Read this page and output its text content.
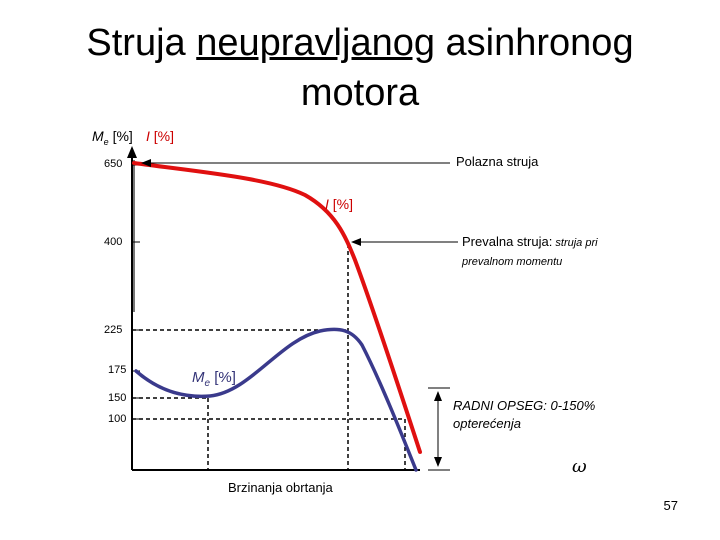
Struja neupravljanog asinhronog
motora
$M_e$ [%] I [%]
650
400
225
175
150
100
Polazna struja
I [%]
Prevalna struja: struja pri
prevalnom momentu
$M_e$ [%]
RADNI OPSEG: 0-150%
opterećenja
ω
Brzinanja obrtanja
57
